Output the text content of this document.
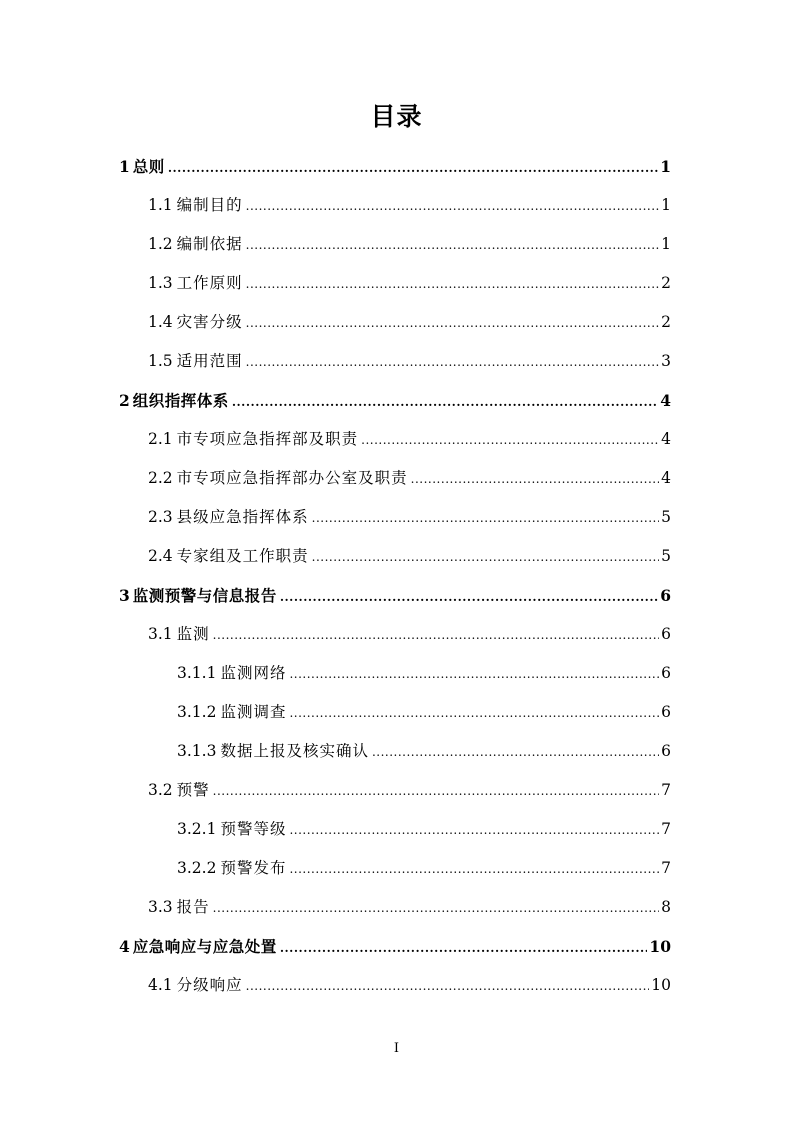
目录
1 总则 .....	1
1.1 编制目的 .....	1
1.2 编制依据 .....	1
1.3 工作原则 .....	2
1.4 灾害分级 .....	2
1.5 适用范围 .....	3
2 组织指挥体系 .....	4
2.1 市专项应急指挥部及职责 .....	4
2.2 市专项应急指挥部办公室及职责 .....	4
2.3 县级应急指挥体系 .....	5
2.4 专家组及工作职责 .....	5
3 监测预警与信息报告 .....	6
3.1 监测 .....	6
3.1.1 监测网络 .....	6
3.1.2 监测调查 .....	6
3.1.3 数据上报及核实确认 .....	6
3.2 预警 .....	7
3.2.1 预警等级 .....	7
3.2.2 预警发布 .....	7
3.3 报告 .....	8
4 应急响应与应急处置 .....	10
4.1 分级响应 .....	10
I
